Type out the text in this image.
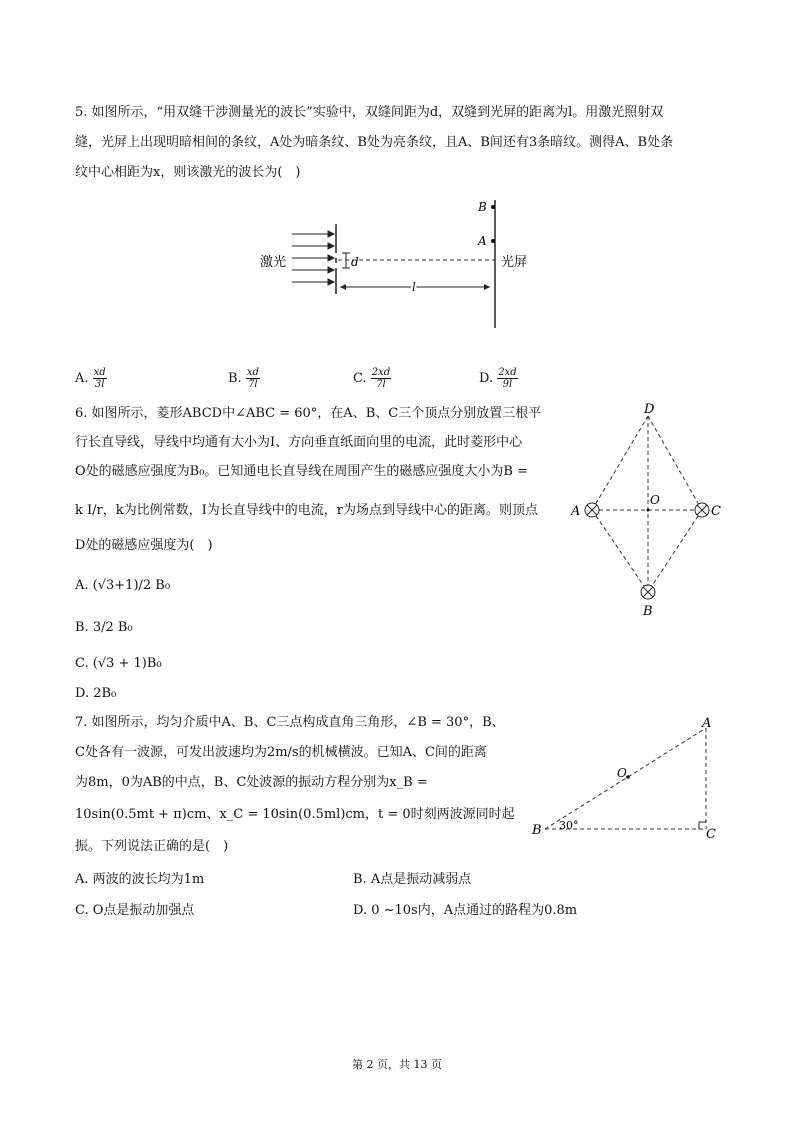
5. 如图所示，“用双缝干涉测量光的波长”实验中，双缝间距为d，双缝到光屏的距离为l。用激光照射双
缝，光屏上出现明暗相间的条纹，A处为暗条纹、B处为亮条纹，且A、B间还有3条暗纹。测得A、B处条
纹中心相距为x，则该激光的波长为(　)
d
B
A
l
激光	光屏
A. $\frac{xd}{3l}$	B. $\frac{xd}{7l}$	C. $\frac{2xd}{7l}$	D. $\frac{2xd}{9l}$
6. 如图所示，菱形ABCD中∠ABC = 60°，在A、B、C三个顶点分别放置三根平
行长直导线，导线中均通有大小为I、方向垂直纸面向里的电流，此时菱形中心
O处的磁感应强度为B₀。已知通电长直导线在周围产生的磁感应强度大小为B =
k I/r，k为比例常数，I为长直导线中的电流，r为场点到导线中心的距离。则顶点
D处的磁感应强度为(　)
D
A	C
B
O
A. (√3+1)/2 B₀
B. 3/2 B₀
C. (√3 + 1)B₀
D. 2B₀
7. 如图所示，均匀介质中A、B、C三点构成直角三角形，∠B = 30°，B、
C处各有一波源，可发出波速均为2m/s的机械横波。已知A、C间的距离
为8m，0为AB的中点，B、C处波源的振动方程分别为x_B =
10sin(0.5mt + π)cm、x_C = 10sin(0.5ml)cm，t = 0时刻两波源同时起
振。下列说法正确的是(　)
A
B	C
O
30°
A. 两波的波长均为1m	B. A点是振动减弱点
C. O点是振动加强点	D. 0 ~10s内，A点通过的路程为0.8m
第 2 页，共 13 页
